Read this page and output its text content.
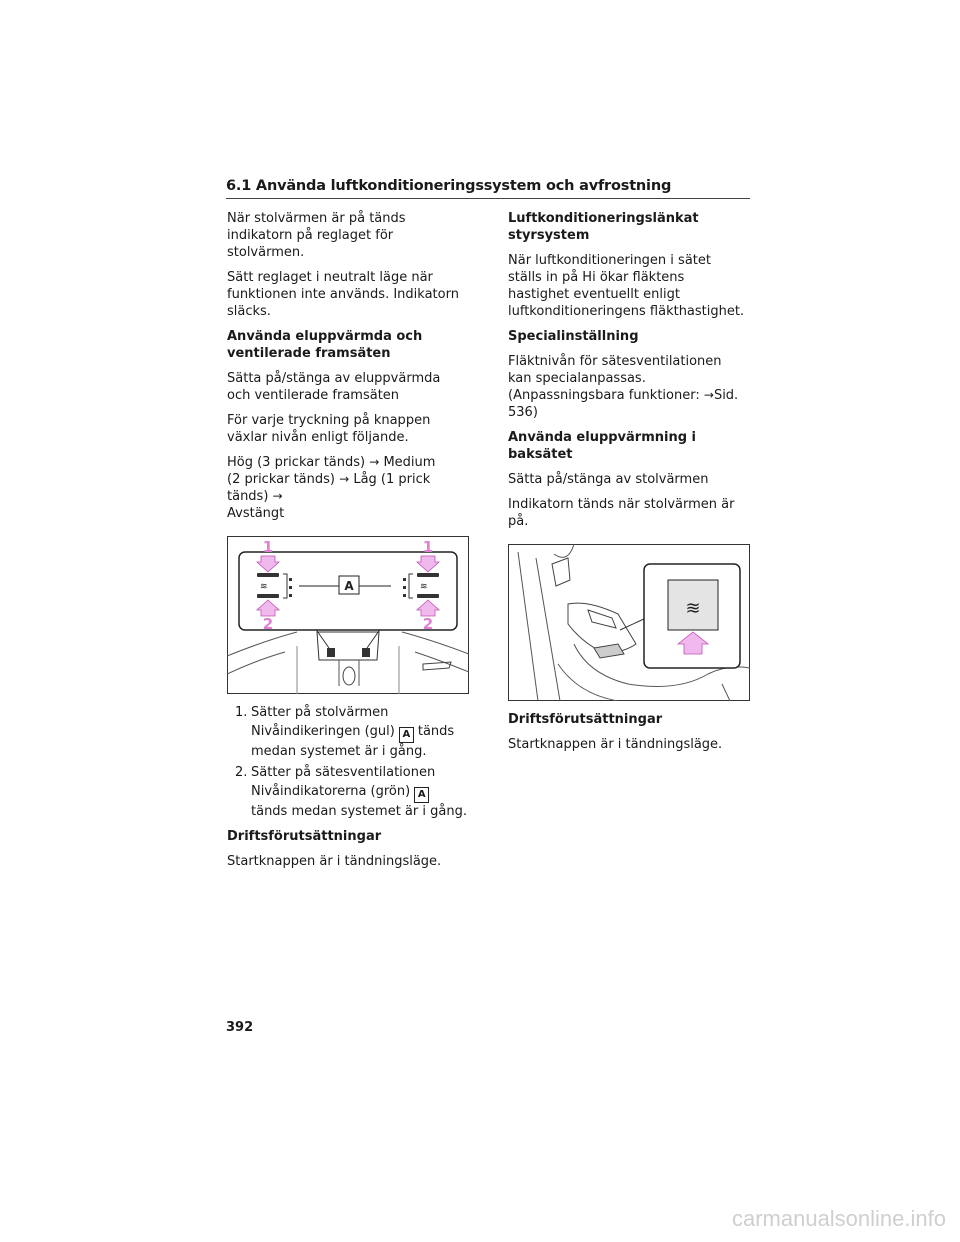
6.1 Använda luftkonditioneringssystem och avfrostning

När stolvärmen är på tänds indikatorn på reglaget för stolvärmen.

Sätt reglaget i neutralt läge när funktionen inte används. Indikatorn släcks.

Använda eluppvärmda och ventilerade framsäten

Sätta på/stänga av eluppvärmda och ventilerade framsäten

För varje tryckning på knappen växlar nivån enligt följande.

Hög (3 prickar tänds) → Medium
(2 prickar tänds) → Låg (1 prick tänds) →
Avstängt

≋	≋
A
1	1
2	2
1. Sätter på stolvärmen
Nivåindikeringen (gul) A tänds medan systemet är i gång.
2. Sätter på sätesventilationen
Nivåindikatorerna (grön) Atänds medan systemet är i gång.
Driftsförutsättningar

Startknappen är i tändningsläge.

Luftkonditioneringslänkat styrsystem

När luftkonditioneringen i sätet ställs in på Hi ökar fläktens hastighet eventuellt enligt luftkonditioneringens fläkthastighet.

Specialinställning

Fläktnivån för sätesventilationen kan specialanpassas. (Anpassningsbara funktioner: →Sid. 536)

Använda eluppvärmning i baksätet

Sätta på/stänga av stolvärmen

Indikatorn tänds när stolvärmen är på.

≋
Driftsförutsättningar

Startknappen är i tändningsläge.

392
carmanualsonline.info
